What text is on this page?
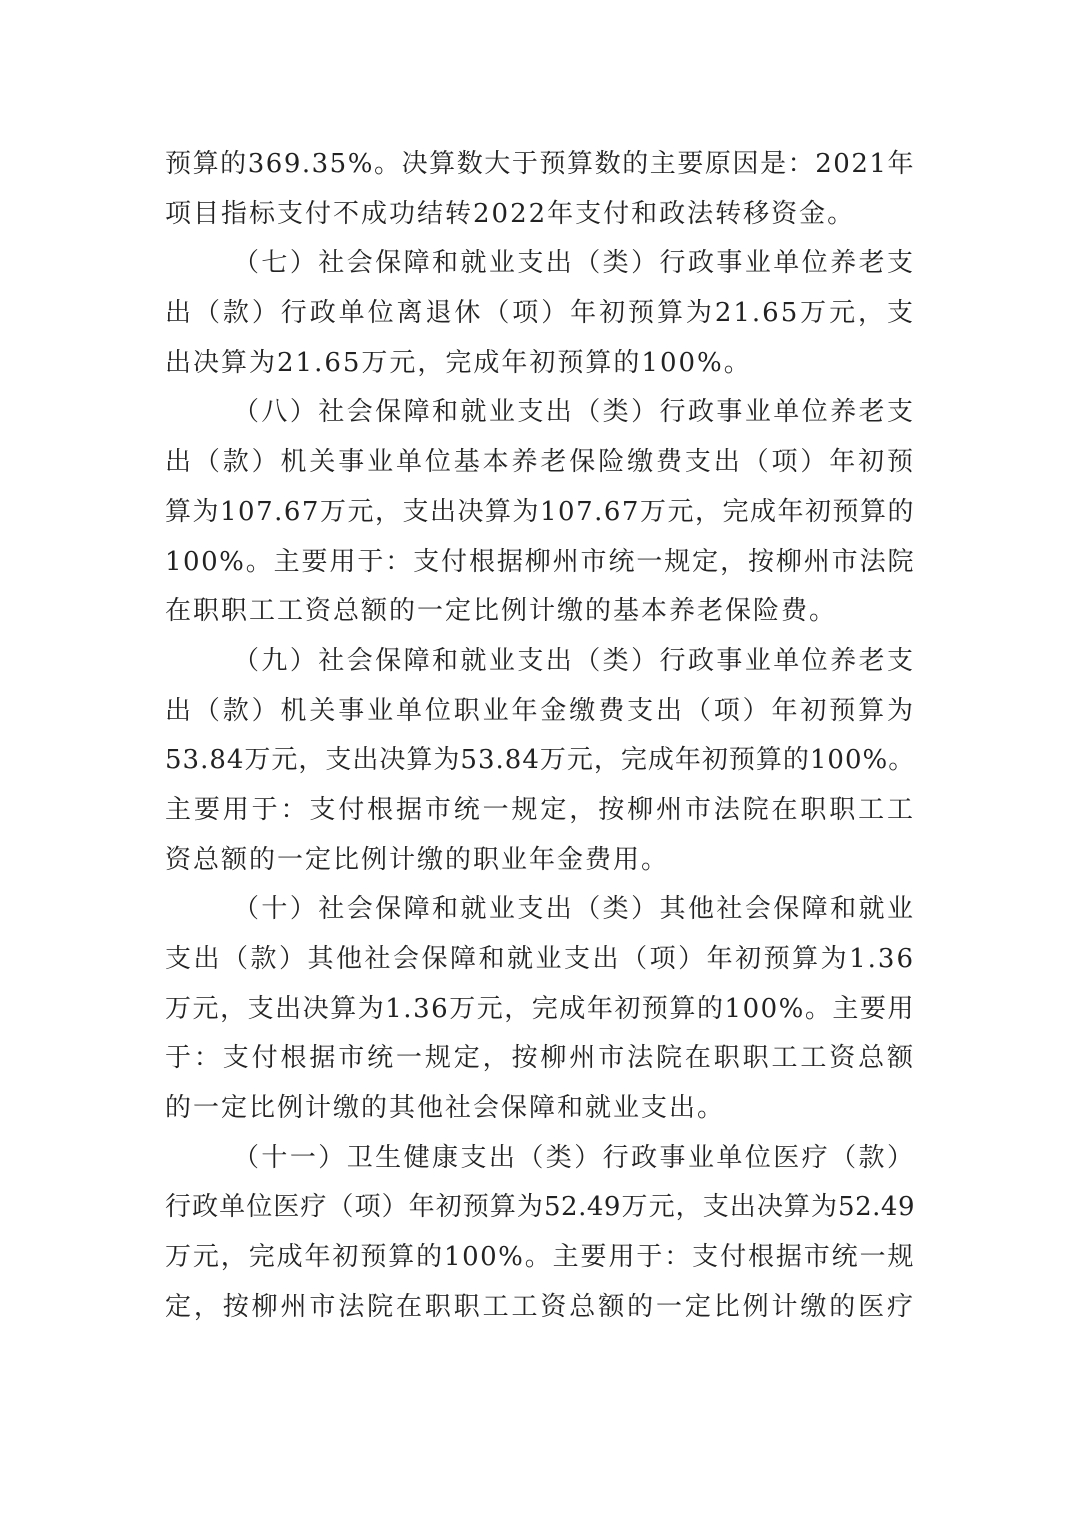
预算的369.35%。决算数大于预算数的主要原因是：2021年
项目指标支付不成功结转2022年支付和政法转移资金。
（七）社会保障和就业支出（类）行政事业单位养老支
出（款）行政单位离退休（项）年初预算为21.65万元，支
出决算为21.65万元，完成年初预算的100%。
（八）社会保障和就业支出（类）行政事业单位养老支
出（款）机关事业单位基本养老保险缴费支出（项）年初预
算为107.67万元，支出决算为107.67万元，完成年初预算的
100%。主要用于：支付根据柳州市统一规定，按柳州市法院
在职职工工资总额的一定比例计缴的基本养老保险费。
（九）社会保障和就业支出（类）行政事业单位养老支
出（款）机关事业单位职业年金缴费支出（项）年初预算为
53.84万元，支出决算为53.84万元，完成年初预算的100%。
主要用于：支付根据市统一规定，按柳州市法院在职职工工
资总额的一定比例计缴的职业年金费用。
（十）社会保障和就业支出（类）其他社会保障和就业
支出（款）其他社会保障和就业支出（项）年初预算为1.36
万元，支出决算为1.36万元，完成年初预算的100%。主要用
于：支付根据市统一规定，按柳州市法院在职职工工资总额
的一定比例计缴的其他社会保障和就业支出。
（十一）卫生健康支出（类）行政事业单位医疗（款）
行政单位医疗（项）年初预算为52.49万元，支出决算为52.49
万元，完成年初预算的100%。主要用于：支付根据市统一规
定，按柳州市法院在职职工工资总额的一定比例计缴的医疗
